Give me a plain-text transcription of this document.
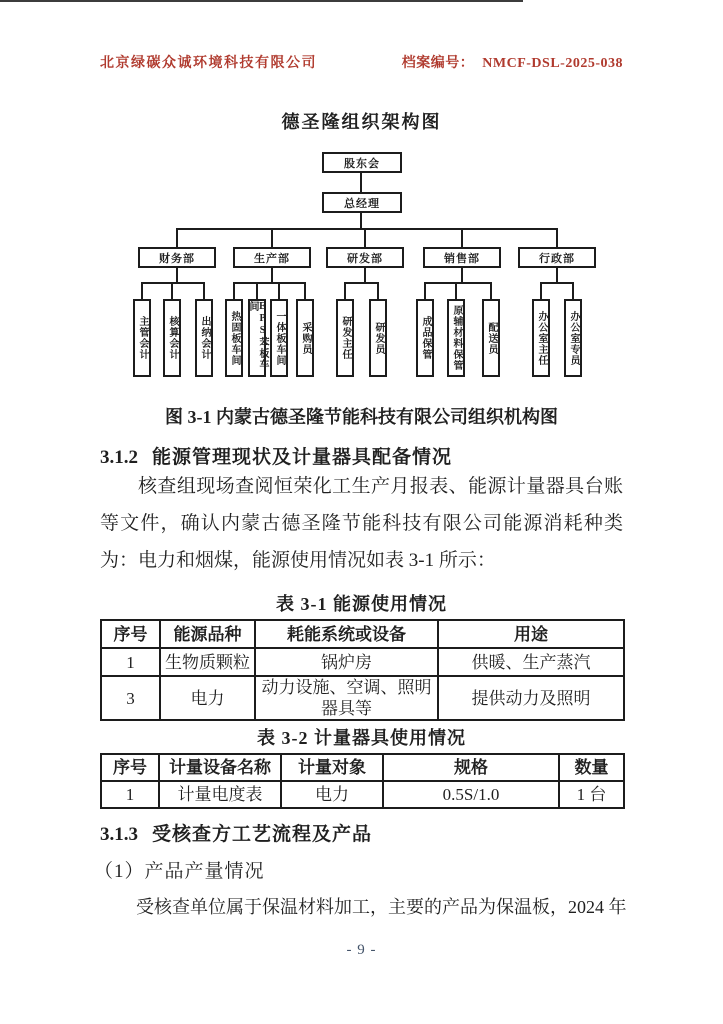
北京绿碳众诚环境科技有限公司	档案编号： NMCF-DSL-2025-038
德圣隆组织架构图
股东会
总经理
财务部	生产部	研发部	销售部	行政部
主管会计	核算会计	出纳会计	热固板车间	EPS苯板车间
一体板车间	采购员	研发主任	研发员	成品保管	原辅材料保管	配送员	办公室主任	办公室专员
图 3-1 内蒙古德圣隆节能科技有限公司组织机构图
3.1.2 能源管理现状及计量器具配备情况
核查组现场查阅恒荣化工生产月报表、能源计量器具台账等文件，确认内蒙古德圣隆节能科技有限公司能源消耗种类为：电力和烟煤，能源使用情况如表 3-1 所示：
表 3-1 能源使用情况
序号	能源品种	耗能系统或设备	用途
1	生物质颗粒	锅炉房	供暖、生产蒸汽
3	电力	动力设施、空调、照明器具等	提供动力及照明
表 3-2 计量器具使用情况
序号	计量设备名称	计量对象	规格	数量
1	计量电度表	电力	0.5S/1.0	1 台
3.1.3 受核查方工艺流程及产品
（1）产品产量情况
受核查单位属于保温材料加工，主要的产品为保温板，2024 年
- 9 -
